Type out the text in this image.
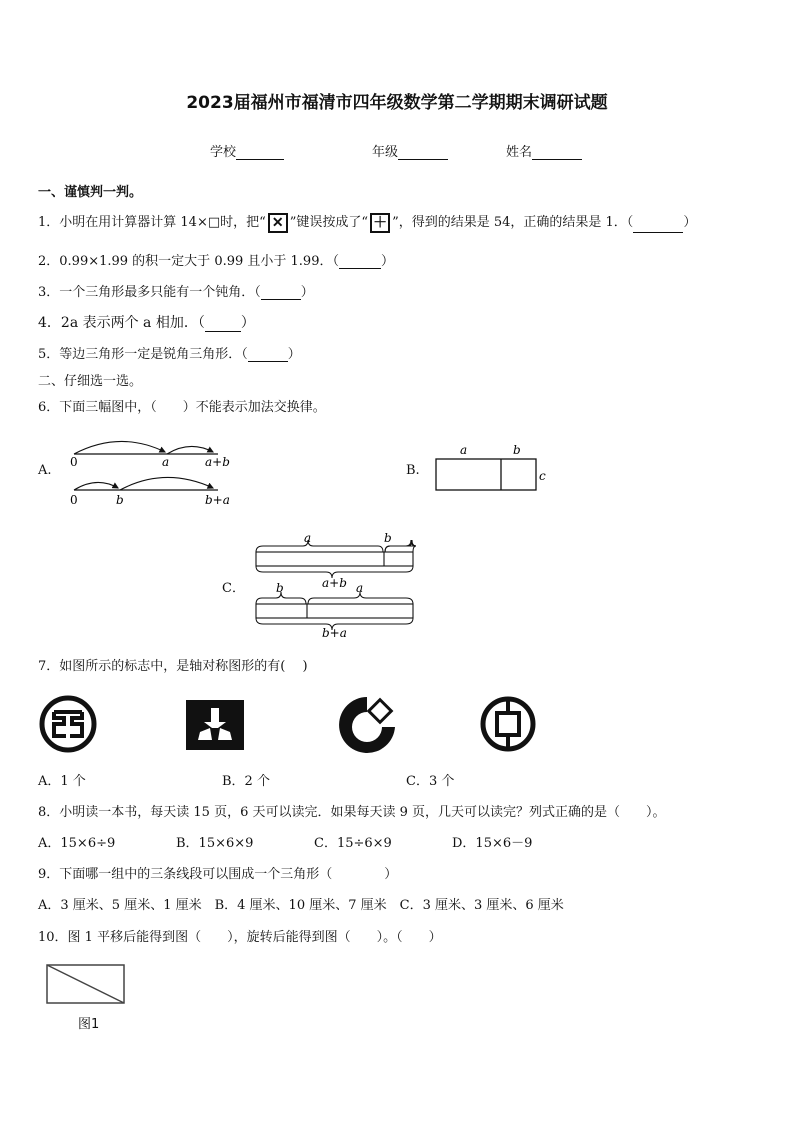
2023届福州市福清市四年级数学第二学期期末调研试题
学校	年级	姓名
一、谨慎判一判。
1．小明在用计算器计算 14×□时，把“ ✕ ”键误按成了“ ＋ ”，得到的结果是 54，正确的结果是 1．（	）
2．0.99×1.99 的积一定大于 0.99 且小于 1.99．（	）
3．一个三角形最多只能有一个钝角．（	）
4．2a 表示两个 a 相加．（	）
5．等边三角形一定是锐角三角形．（	）
二、仔细选一选。
6．下面三幅图中，（　　）不能表示加法交换律。
A.
0	a	a+b
0	b	b+a
B.
a	b
c
C．
a	b
a+b
b	a
b+a
7．如图所示的标志中，是轴对称图形的有(　 )
A．1 个	B．2 个	C．3 个
8．小明读一本书，每天读 15 页，6 天可以读完．如果每天读 9 页，几天可以读完？列式正确的是（　　）。
A．15×6÷9	B．15×6×9	C．15÷6×9	D．15×6－9
9．下面哪一组中的三条线段可以围成一个三角形（　　　　）
A．3 厘米、5 厘米、1 厘米　B．4 厘米、10 厘米、7 厘米　C．3 厘米、3 厘米、6 厘米
10．图 1 平移后能得到图（　　），旋转后能得到图（　　）。（　　）
图1
